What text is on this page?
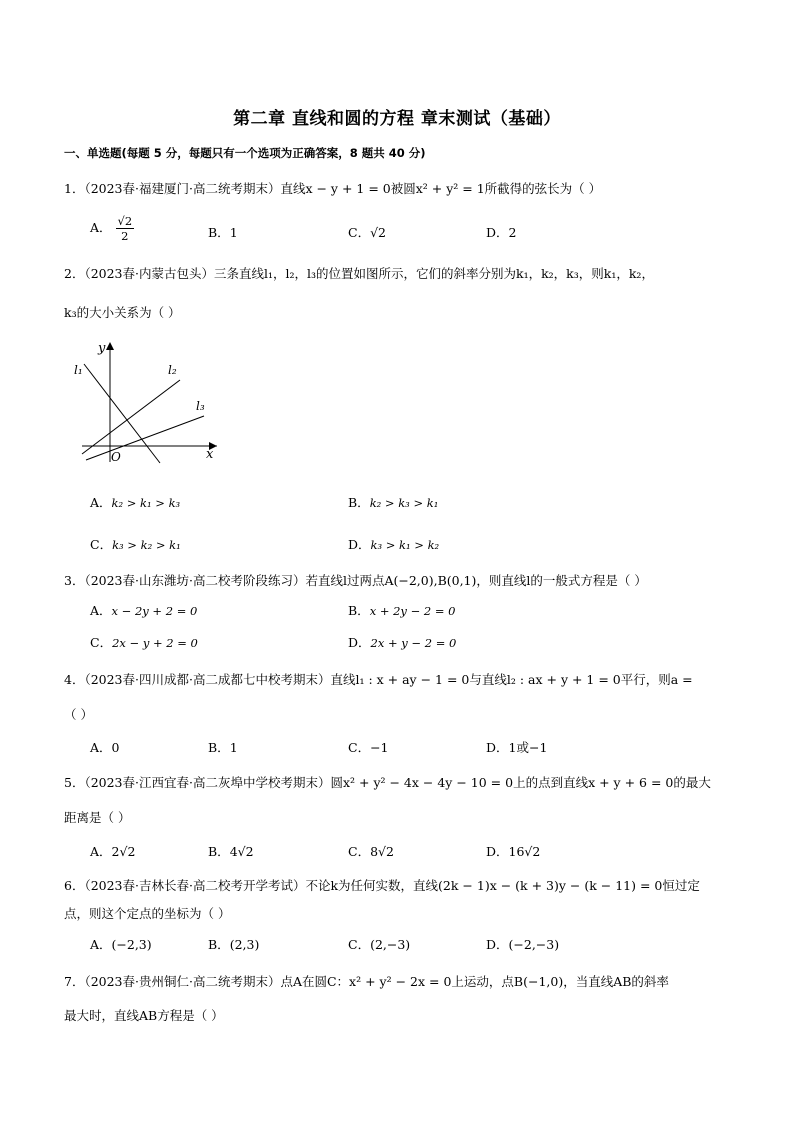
第二章 直线和圆的方程 章末测试（基础）
一、单选题(每题 5 分，每题只有一个选项为正确答案，8 题共 40 分)
1．（2023春·福建厦门·高二统考期末）直线x − y + 1 = 0被圆x² + y² = 1所截得的弦长为（ ）
A． $\frac{√2}{2}$	B．1	C．√2	D．2
2．（2023春·内蒙古包头）三条直线l₁，l₂，l₃的位置如图所示，它们的斜率分别为k₁，k₂，k₃，则k₁，k₂，
k₃的大小关系为（ ）
l₁	l₂
l₃
x
y
O
A．k₂ > k₁ > k₃	B．k₂ > k₃ > k₁
C．k₃ > k₂ > k₁	D．k₃ > k₁ > k₂
3．（2023春·山东潍坊·高二校考阶段练习）若直线l过两点A(−2,0),B(0,1)，则直线l的一般式方程是（ ）
A．x − 2y + 2 = 0	B．x + 2y − 2 = 0
C．2x − y + 2 = 0	D．2x + y − 2 = 0
4．（2023春·四川成都·高二成都七中校考期末）直线l₁ : x + ay − 1 = 0与直线l₂ : ax + y + 1 = 0平行，则a =
（ ）
A．0	B．1	C．−1	D．1或−1
5．（2023春·江西宜春·高二灰埠中学校考期末）圆x² + y² − 4x − 4y − 10 = 0上的点到直线x + y + 6 = 0的最大
距离是（ ）
A．2√2	B．4√2	C．8√2	D．16√2
6．（2023春·吉林长春·高二校考开学考试）不论k为任何实数，直线(2k − 1)x − (k + 3)y − (k − 11) = 0恒过定
点，则这个定点的坐标为（ ）
A．(−2,3)	B．(2,3)	C．(2,−3)	D．(−2,−3)
7．（2023春·贵州铜仁·高二统考期末）点A在圆C：x² + y² − 2x = 0上运动，点B(−1,0)，当直线AB的斜率
最大时，直线AB方程是（ ）
